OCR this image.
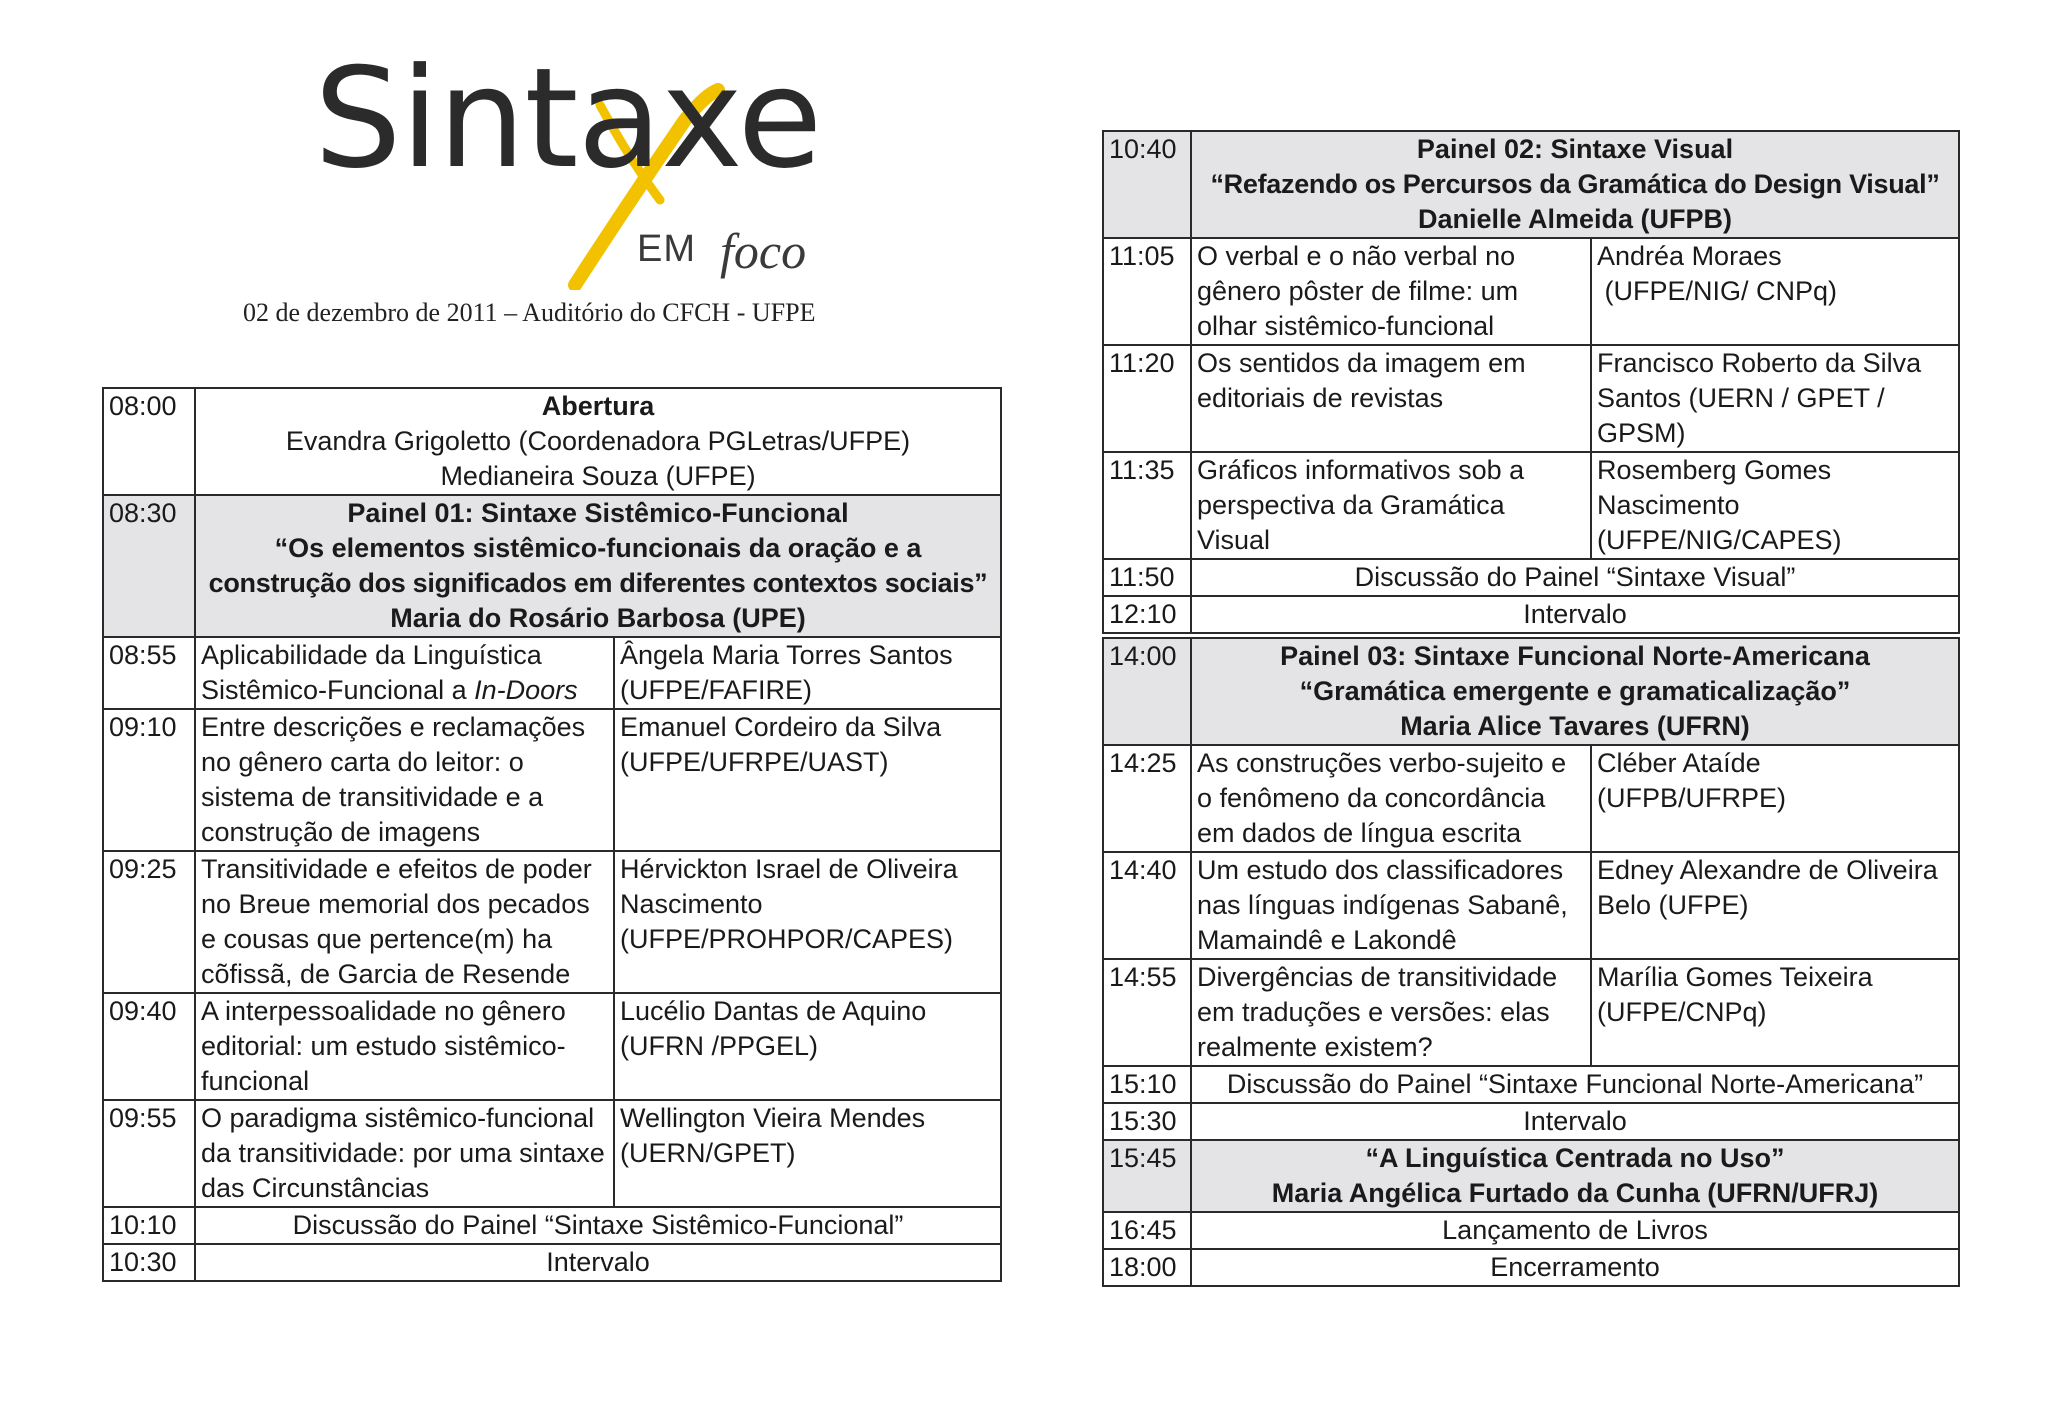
Sintaxe
EM foco
02 de dezembro de 2011 – Auditório do CFCH - UFPE
08:00	Abertura
Evandra Grigoletto (Coordenadora PGLetras/UFPE)
Medianeira Souza (UFPE)	

08:30	Painel 01: Sintaxe Sistêmico-Funcional
“Os elementos sistêmico-funcionais da oração e a
construção dos significados em diferentes contextos sociais”
Maria do Rosário Barbosa (UPE)	

08:55	Aplicabilidade da Linguística Sistêmico-Funcional a In-Doors	Ângela Maria Torres Santos (UFPE/FAFIRE)
09:10	Entre descrições e reclamações no gênero carta do leitor: o sistema de transitividade e a construção de imagens	Emanuel Cordeiro da Silva (UFPE/UFRPE/UAST)
09:25	Transitividade e efeitos de poder no Breue memorial dos pecados e cousas que pertence(m) ha cõfissã, de Garcia de Resende	Hérvickton Israel de Oliveira Nascimento (UFPE/PROHPOR/CAPES)
09:40	A interpessoalidade no gênero editorial: um estudo sistêmico-funcional	Lucélio Dantas de Aquino (UFRN /PPGEL)
09:55	O paradigma sistêmico-funcional da transitividade: por uma sintaxe das Circunstâncias	Wellington Vieira Mendes (UERN/GPET)
10:10	Discussão do Painel “Sintaxe Sistêmico-Funcional”	
10:30	Intervalo	
10:40	Painel 02: Sintaxe Visual
“Refazendo os Percursos da Gramática do Design Visual”
Danielle Almeida (UFPB)	

11:05	O verbal e o não verbal no gênero pôster de filme: um olhar sistêmico-funcional	Andréa Moraes
(UFPE/NIG/ CNPq)

11:20	Os sentidos da imagem em editoriais de revistas	Francisco Roberto da Silva
Santos (UERN / GPET / GPSM)

11:35	Gráficos informativos sob a perspectiva da Gramática Visual	Rosemberg Gomes
Nascimento
(UFPE/NIG/CAPES)

11:50	Discussão do Painel “Sintaxe Visual”	
12:10	Intervalo	
14:00	Painel 03: Sintaxe Funcional Norte-Americana
“Gramática emergente e gramaticalização”
Maria Alice Tavares (UFRN)	

14:25	As construções verbo-sujeito e o fenômeno da concordância em dados de língua escrita	Cléber Ataíde (UFPB/UFRPE)

14:40	Um estudo dos classificadores nas línguas indígenas Sabanê, Mamaindê e Lakondê	Edney Alexandre de Oliveira
Belo (UFPE)

14:55	Divergências de transitividade em traduções e versões: elas realmente existem?	Marília Gomes Teixeira
(UFPE/CNPq)

15:10	Discussão do Painel “Sintaxe Funcional Norte-Americana”	
15:30	Intervalo	
15:45	“A Linguística Centrada no Uso”
Maria Angélica Furtado da Cunha (UFRN/UFRJ)	

16:45	Lançamento de Livros	
18:00	Encerramento	
